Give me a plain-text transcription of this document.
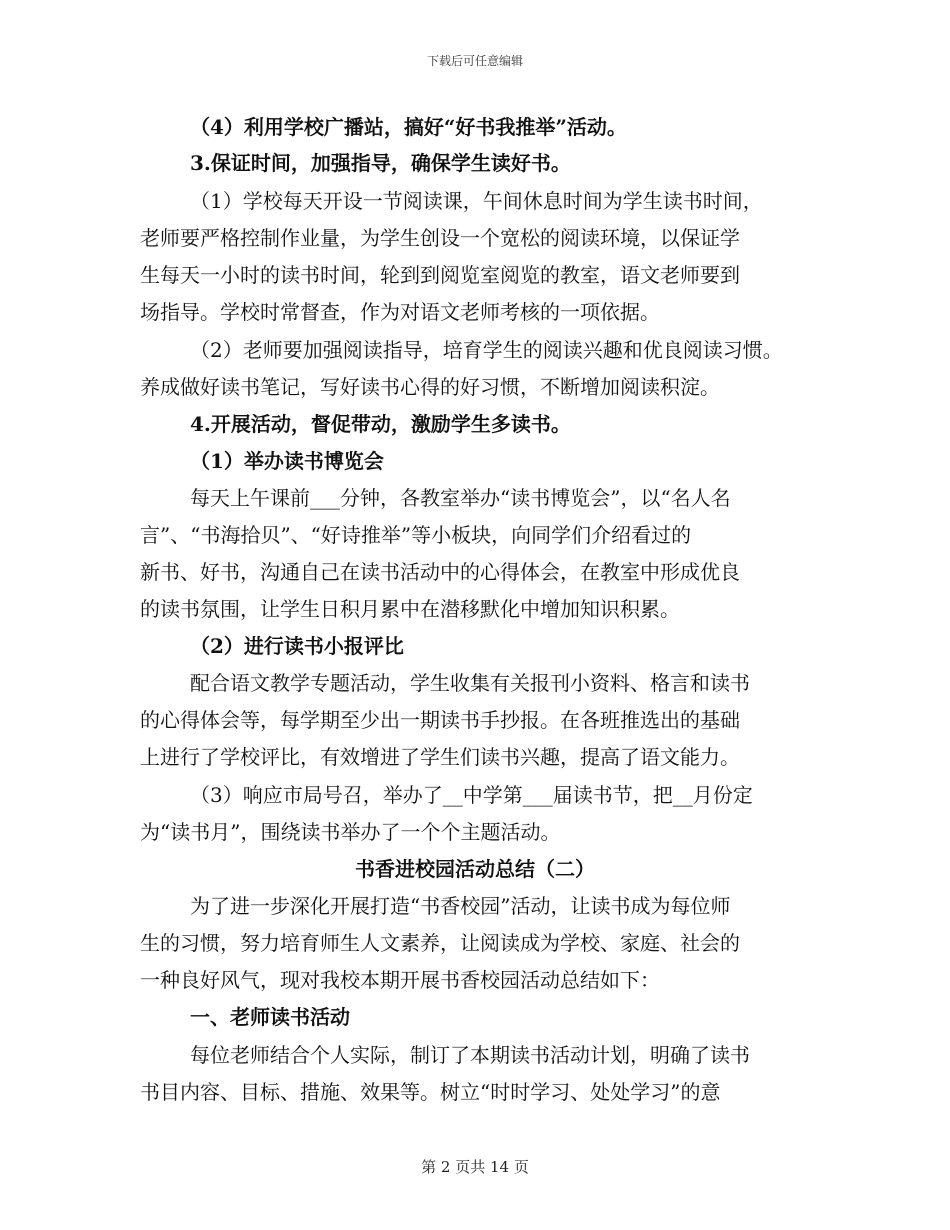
下载后可任意编辑
（4）利用学校广播站，搞好“好书我推举”活动。
3.保证时间，加强指导，确保学生读好书。
（1）学校每天开设一节阅读课，午间休息时间为学生读书时间，
老师要严格控制作业量，为学生创设一个宽松的阅读环境，以保证学
生每天一小时的读书时间，轮到到阅览室阅览的教室，语文老师要到
场指导。学校时常督查，作为对语文老师考核的一项依据。
（2）老师要加强阅读指导，培育学生的阅读兴趣和优良阅读习惯。
养成做好读书笔记，写好读书心得的好习惯，不断增加阅读积淀。
4.开展活动，督促带动，激励学生多读书。
（1）举办读书博览会
每天上午课前___分钟，各教室举办“读书博览会”，以“名人名
言”、“书海拾贝”、“好诗推举”等小板块，向同学们介绍看过的
新书、好书，沟通自己在读书活动中的心得体会，在教室中形成优良
的读书氛围，让学生日积月累中在潜移默化中增加知识积累。
（2）进行读书小报评比
配合语文教学专题活动，学生收集有关报刊小资料、格言和读书
的心得体会等，每学期至少出一期读书手抄报。在各班推选出的基础
上进行了学校评比，有效增进了学生们读书兴趣，提高了语文能力。
（3）响应市局号召，举办了__中学第___届读书节，把__月份定
为“读书月”，围绕读书举办了一个个主题活动。
书香进校园活动总结（二）
为了进一步深化开展打造“书香校园”活动，让读书成为每位师
生的习惯，努力培育师生人文素养，让阅读成为学校、家庭、社会的
一种良好风气，现对我校本期开展书香校园活动总结如下：
一、老师读书活动
每位老师结合个人实际，制订了本期读书活动计划，明确了读书
书目内容、目标、措施、效果等。树立“时时学习、处处学习”的意
第 2 页共 14 页
